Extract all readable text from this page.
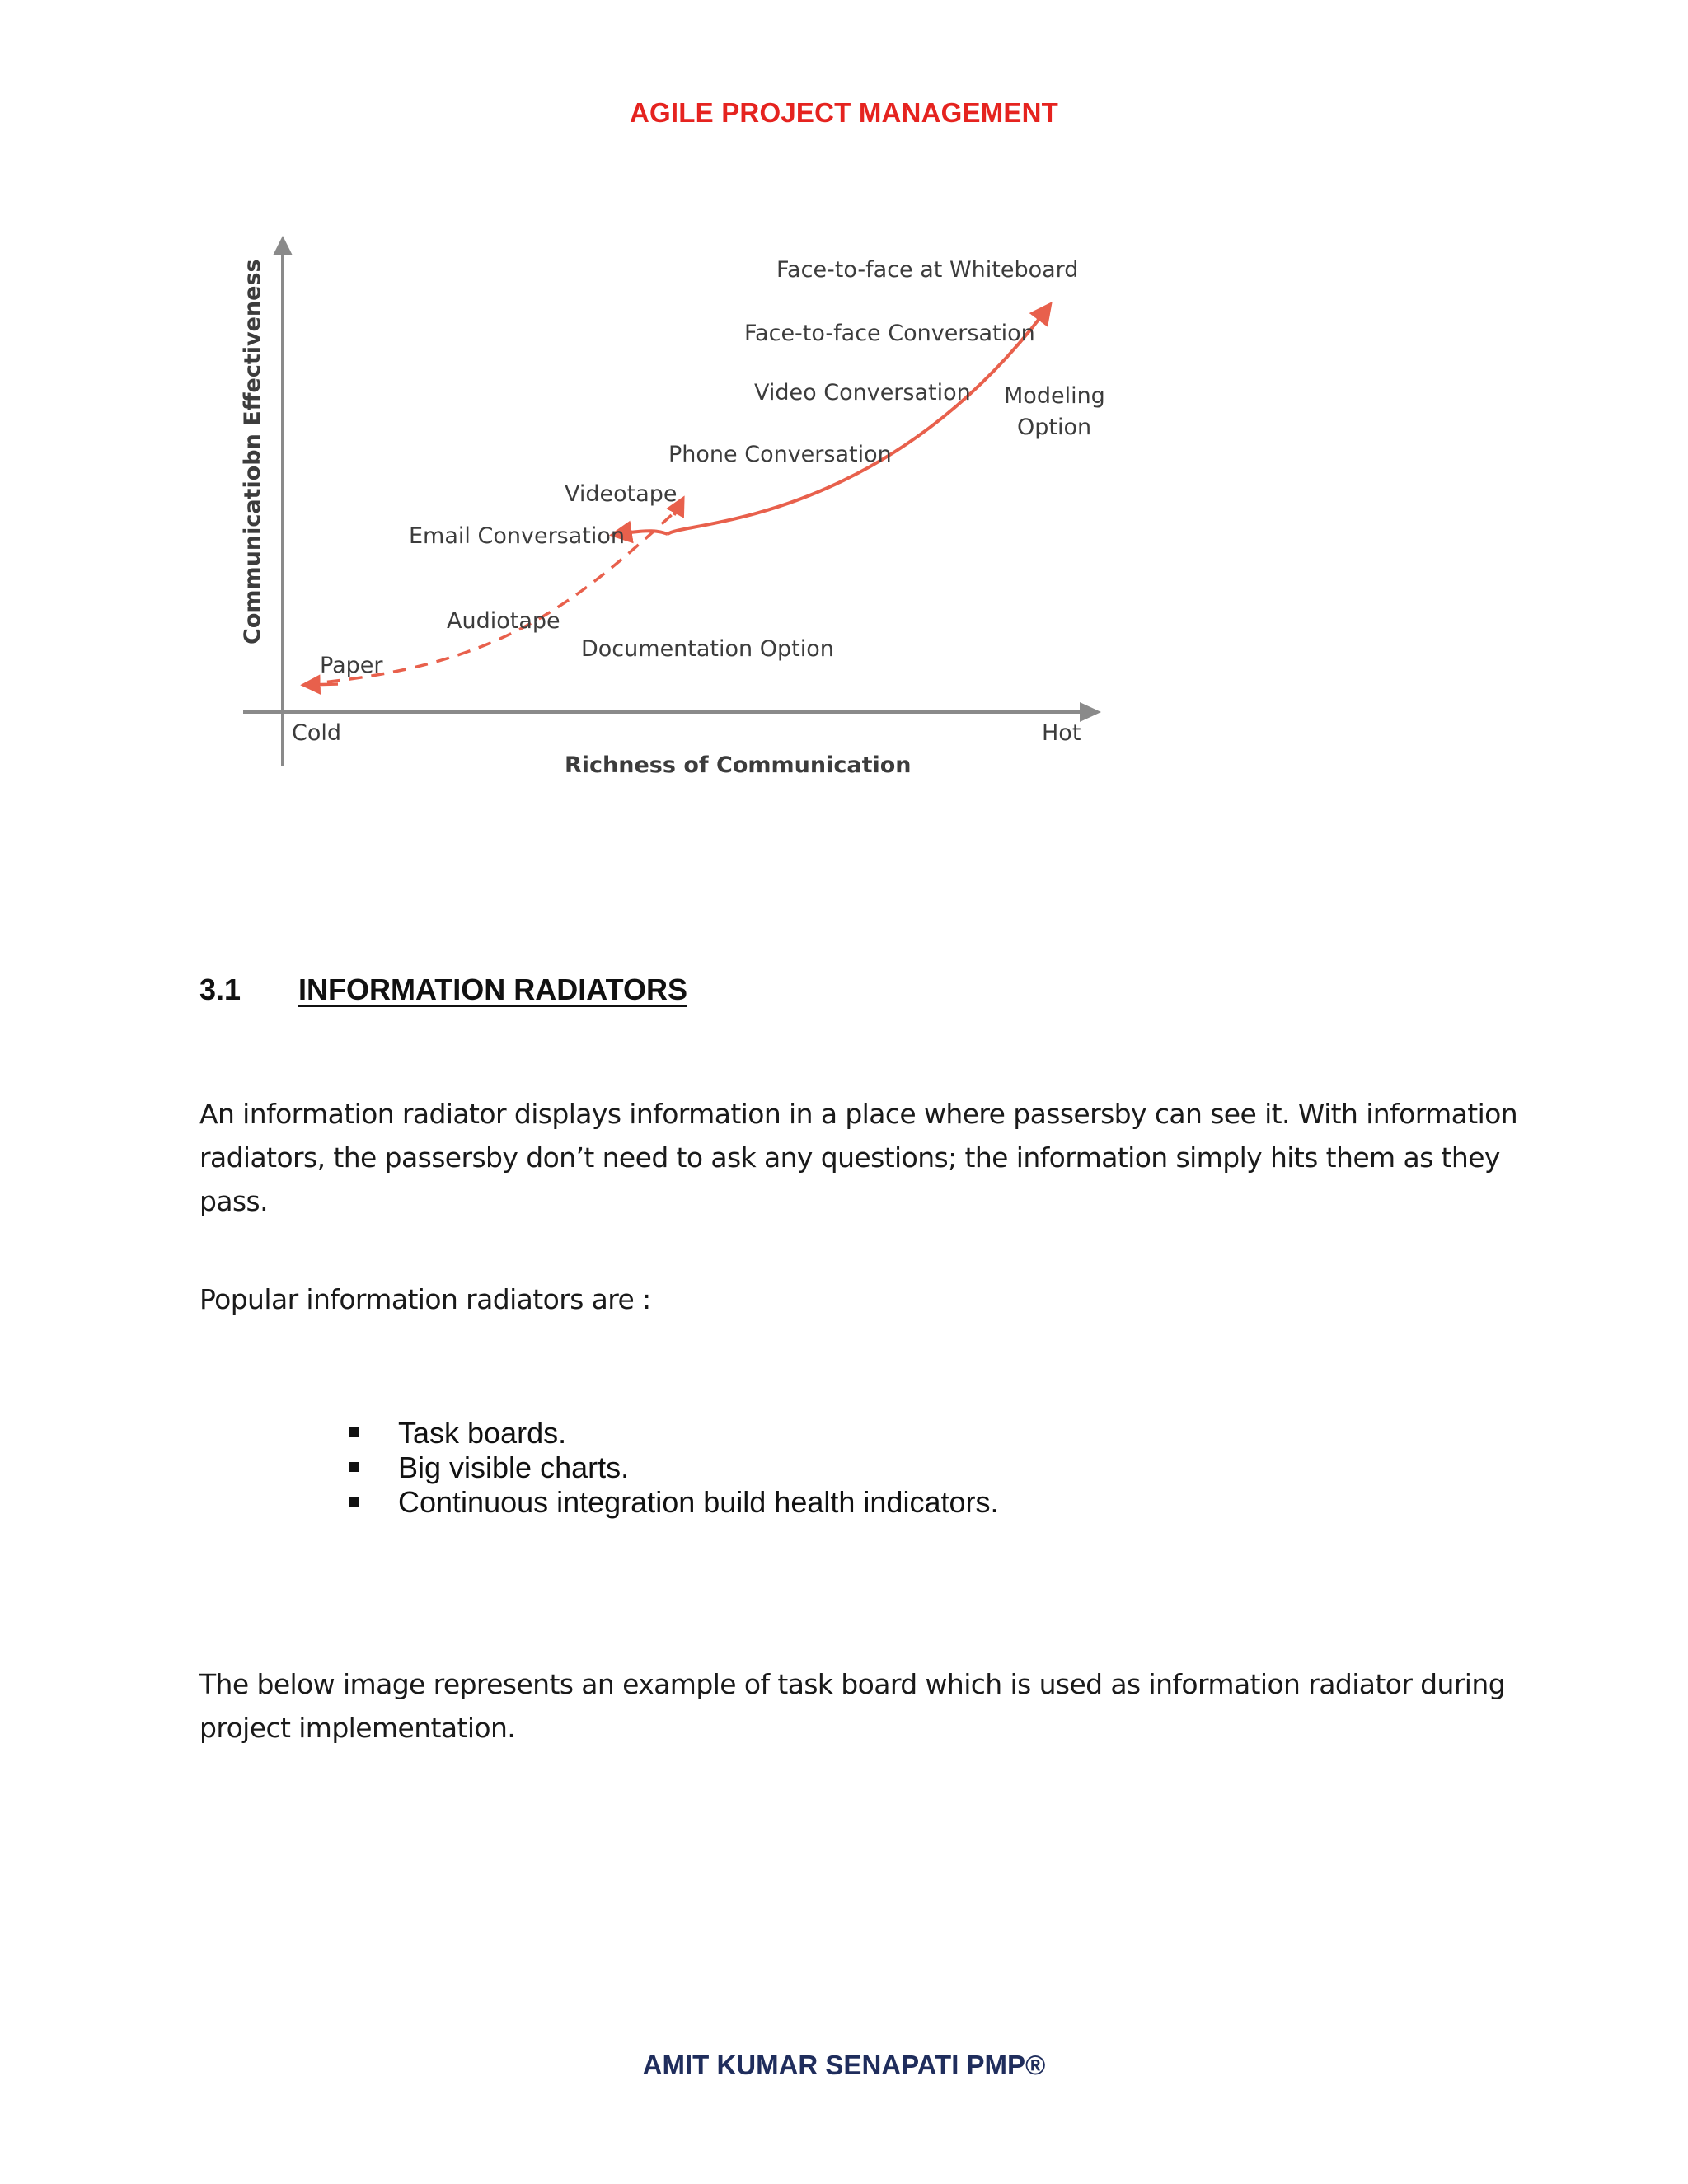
AGILE PROJECT MANAGEMENT
Face-to-face at Whiteboard
Face-to-face Conversation
Video Conversation Modeling
Option
Phone Conversation
Videotape
Email Conversation
Audiotape
Documentation Option
Paper
Cold	Hot
Richness of Communication
Communicatiobn Effectiveness
3.1 INFORMATION RADIATORS

An information radiator displays information in a place where passersby can see it. With information

radiators, the passersby don’t need to ask any questions; the information simply hits them as they pass.

Popular information radiators are :

Task boards.
Big visible charts.
Continuous integration build health indicators.

The below image represents an example of task board which is used as information radiator during

project implementation.

AMIT KUMAR SENAPATI PMP®
